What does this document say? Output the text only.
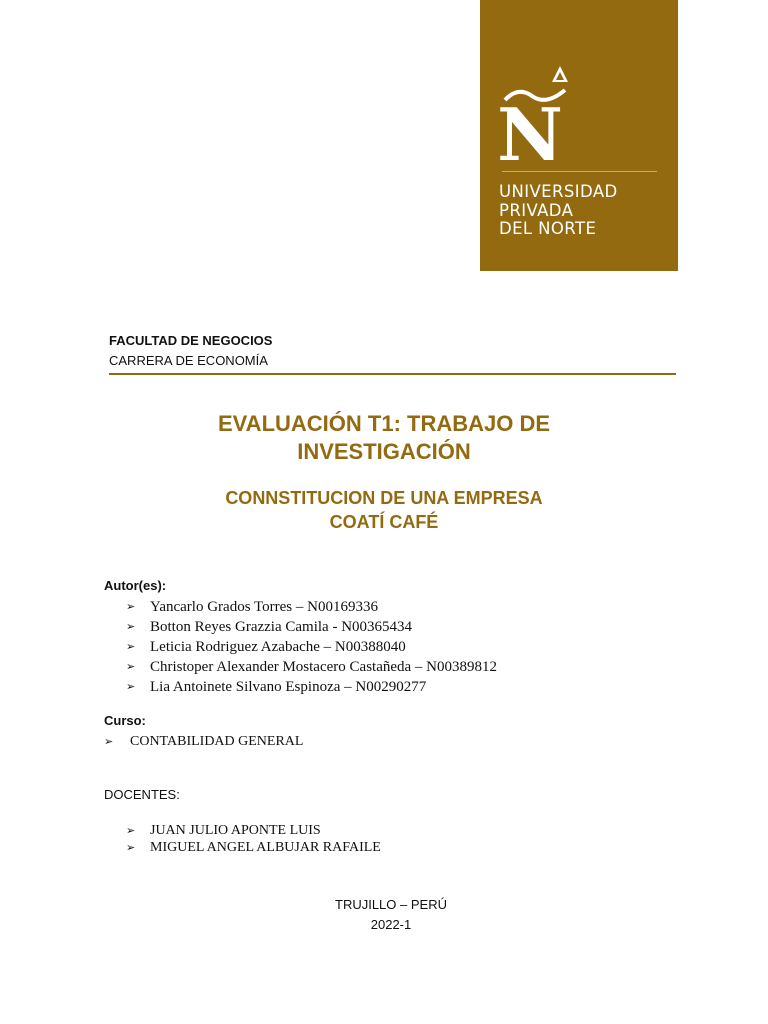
N
UNIVERSIDAD
PRIVADA
DEL NORTE
FACULTAD DE NEGOCIOS
CARRERA DE ECONOMÍA
EVALUACIÓN T1: TRABAJO DE
INVESTIGACIÓN
CONNSTITUCION DE UNA EMPRESA
COATÍ CAFÉ
Autor(es):
➢ Yancarlo Grados Torres – N00169336
➢ Botton Reyes Grazzia Camila - N00365434
➢ Leticia Rodriguez Azabache – N00388040
➢ Christoper Alexander Mostacero Castañeda – N00389812
➢ Lia Antoinete Silvano Espinoza – N00290277
Curso:
➢ CONTABILIDAD GENERAL
DOCENTES:
➢ JUAN JULIO APONTE LUIS
➢ MIGUEL ANGEL ALBUJAR RAFAILE
TRUJILLO – PERÚ
2022-1
